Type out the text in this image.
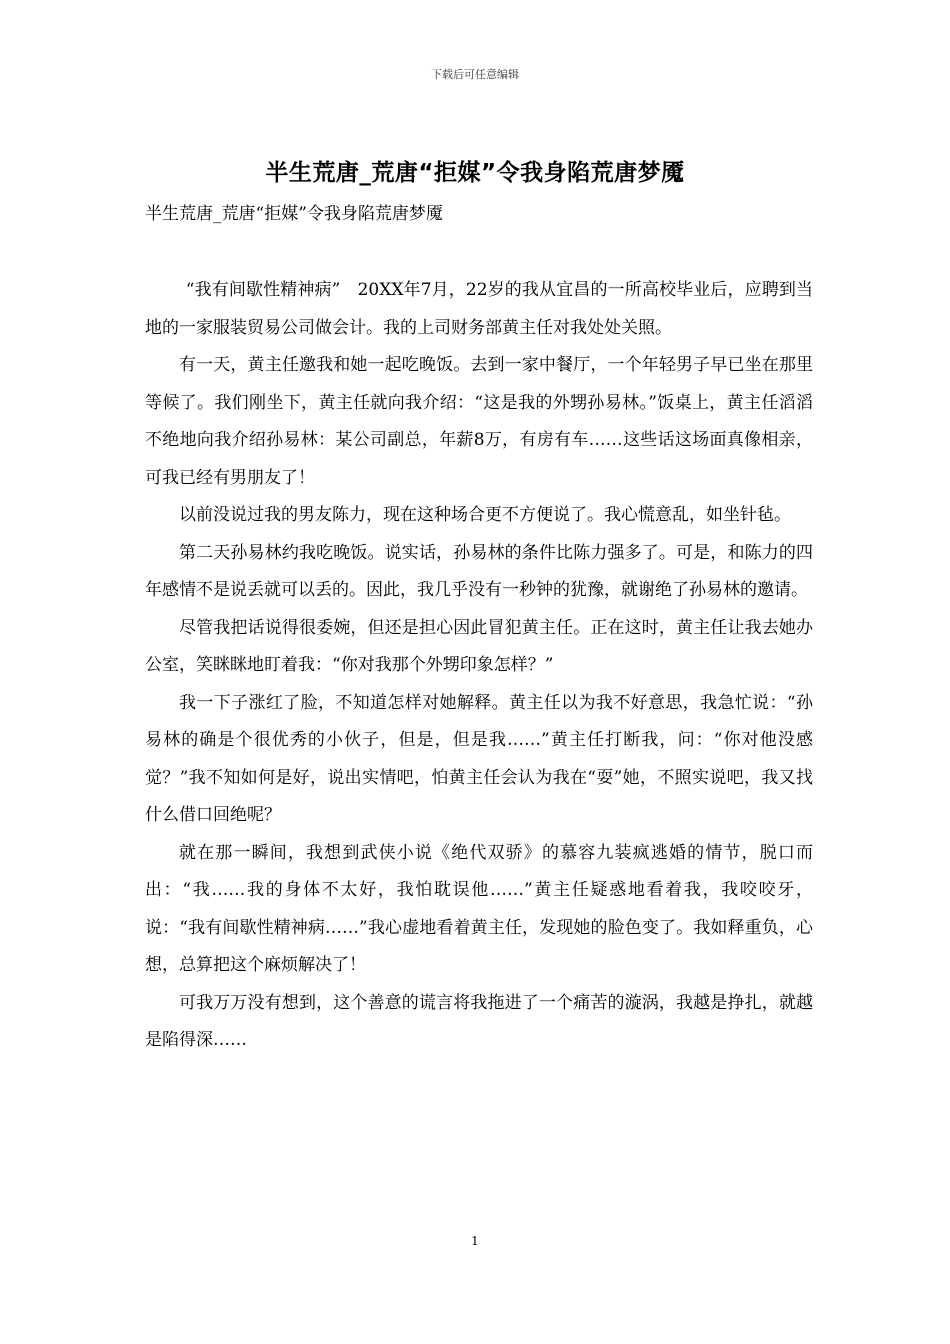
下载后可任意编辑
半生荒唐_荒唐“拒媒”令我身陷荒唐梦魇
半生荒唐_荒唐“拒媒”令我身陷荒唐梦魇

“我有间歇性精神病”　20XX年7月，22岁的我从宜昌的一所高校毕业后，应聘到当地的一家服装贸易公司做会计。我的上司财务部黄主任对我处处关照。

有一天，黄主任邀我和她一起吃晚饭。去到一家中餐厅，一个年轻男子早已坐在那里等候了。我们刚坐下，黄主任就向我介绍：“这是我的外甥孙易林。”饭桌上，黄主任滔滔不绝地向我介绍孙易林：某公司副总，年薪8万，有房有车……这些话这场面真像相亲，可我已经有男朋友了！

以前没说过我的男友陈力，现在这种场合更不方便说了。我心慌意乱，如坐针毡。

第二天孙易林约我吃晚饭。说实话，孙易林的条件比陈力强多了。可是，和陈力的四年感情不是说丢就可以丢的。因此，我几乎没有一秒钟的犹豫，就谢绝了孙易林的邀请。

尽管我把话说得很委婉，但还是担心因此冒犯黄主任。正在这时，黄主任让我去她办公室，笑眯眯地盯着我：“你对我那个外甥印象怎样？”

我一下子涨红了脸，不知道怎样对她解释。黄主任以为我不好意思，我急忙说：“孙易林的确是个很优秀的小伙子，但是，但是我……”黄主任打断我，问：“你对他没感觉？”我不知如何是好，说出实情吧，怕黄主任会认为我在“耍”她，不照实说吧，我又找什么借口回绝呢？

就在那一瞬间，我想到武侠小说《绝代双骄》的慕容九装疯逃婚的情节，脱口而出：“我……我的身体不太好，我怕耽误他……”黄主任疑惑地看着我，我咬咬牙，说：“我有间歇性精神病……”我心虚地看着黄主任，发现她的脸色变了。我如释重负，心想，总算把这个麻烦解决了！

可我万万没有想到，这个善意的谎言将我拖进了一个痛苦的漩涡，我越是挣扎，就越是陷得深……

1
